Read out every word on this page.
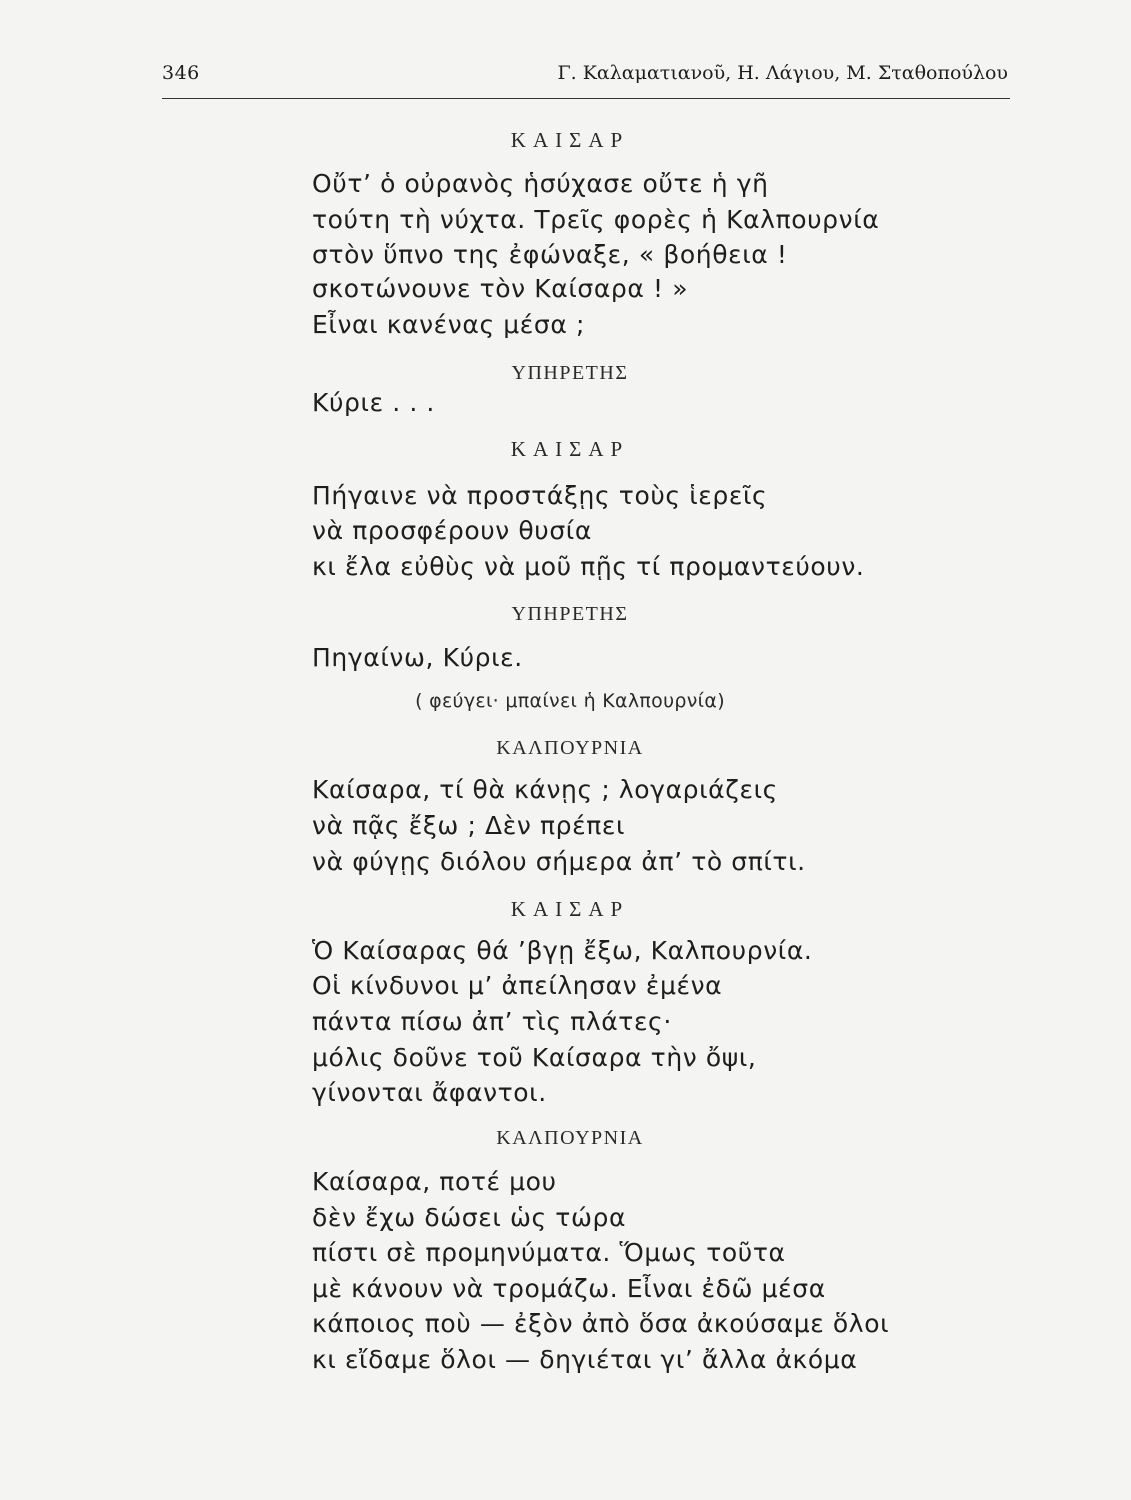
346	Γ. Καλαματιανοῦ, Η. Λάγιου, Μ. Σταθοπούλου
ΚΑΙΣΑΡ
Οὔτ’ ὁ οὐρανὸς ἡσύχασε οὔτε ἡ γῆ
τούτη τὴ νύχτα. Τρεῖς φορὲς ἡ Καλπουρνία
στὸν ὕπνο της ἐφώναξε, « βοήθεια !
σκοτώνουνε τὸν Καίσαρα ! »
Εἶναι κανένας μέσα ;
ΥΠΗΡΕΤΗΣ
Κύριε . . .
ΚΑΙΣΑΡ
Πήγαινε νὰ προστάξῃς τοὺς ἱερεῖς
νὰ προσφέρουν θυσία
κι ἔλα εὐθὺς νὰ μοῦ πῇς τί προμαντεύουν.
ΥΠΗΡΕΤΗΣ
Πηγαίνω, Κύριε.
( φεύγει· μπαίνει ἡ Καλπουρνία)
ΚΑΛΠΟΥΡΝΙΑ
Καίσαρα, τί θὰ κάνῃς ; λογαριάζεις
νὰ πᾷς ἔξω ; Δὲν πρέπει
νὰ φύγῃς διόλου σήμερα ἀπ’ τὸ σπίτι.
ΚΑΙΣΑΡ
Ὁ Καίσαρας θά ’βγῃ ἔξω, Καλπουρνία.
Οἱ κίνδυνοι μ’ ἀπείλησαν ἐμένα
πάντα πίσω ἀπ’ τὶς πλάτες·
μόλις δοῦνε τοῦ Καίσαρα τὴν ὄψι,
γίνονται ἄφαντοι.
ΚΑΛΠΟΥΡΝΙΑ
Καίσαρα, ποτέ μου
δὲν ἔχω δώσει ὡς τώρα
πίστι σὲ προμηνύματα. Ὅμως τοῦτα
μὲ κάνουν νὰ τρομάζω. Εἶναι ἐδῶ μέσα
κάποιος ποὺ — ἐξὸν ἀπὸ ὅσα ἀκούσαμε ὅλοι
κι εἴδαμε ὅλοι — δηγιέται γι’ ἄλλα ἀκόμα
